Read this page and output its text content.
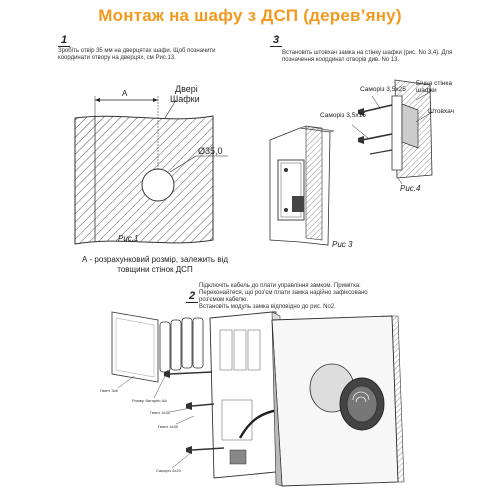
Монтаж на шафу з ДСП (дерев’яну)
1
Зробіть отвір 35 мм на дверцятах шафи. Щоб позначити координати отвору на дверцях, см Рис.13.
A	Двері
Шафки
Ø35,0
Рис.1
А - розрахунковий розмір, залежить від товщини стінок ДСП
3
Встановіть штовхач замка на стінку шафки (рис. No 3,4). Для позначення координат отворів див. No 13.
Саморіз 3,5x25
Саморіз 3,5x15
Бічна стінка
шафки
Штовхач
Рис.4
Рис 3
2
Підключіть кабель до плати управління замком. Примітка:
Переконайтеся, що роз'єм плати замка надійно зафіксовано роз'ємом кабелю.
Встановіть модуль замка відповідно до рис. No2.
Гвинт 3x6
Розмір батареи AA
Гвинт 4x30
Гвинт 4x30
Саморіз 4x20
